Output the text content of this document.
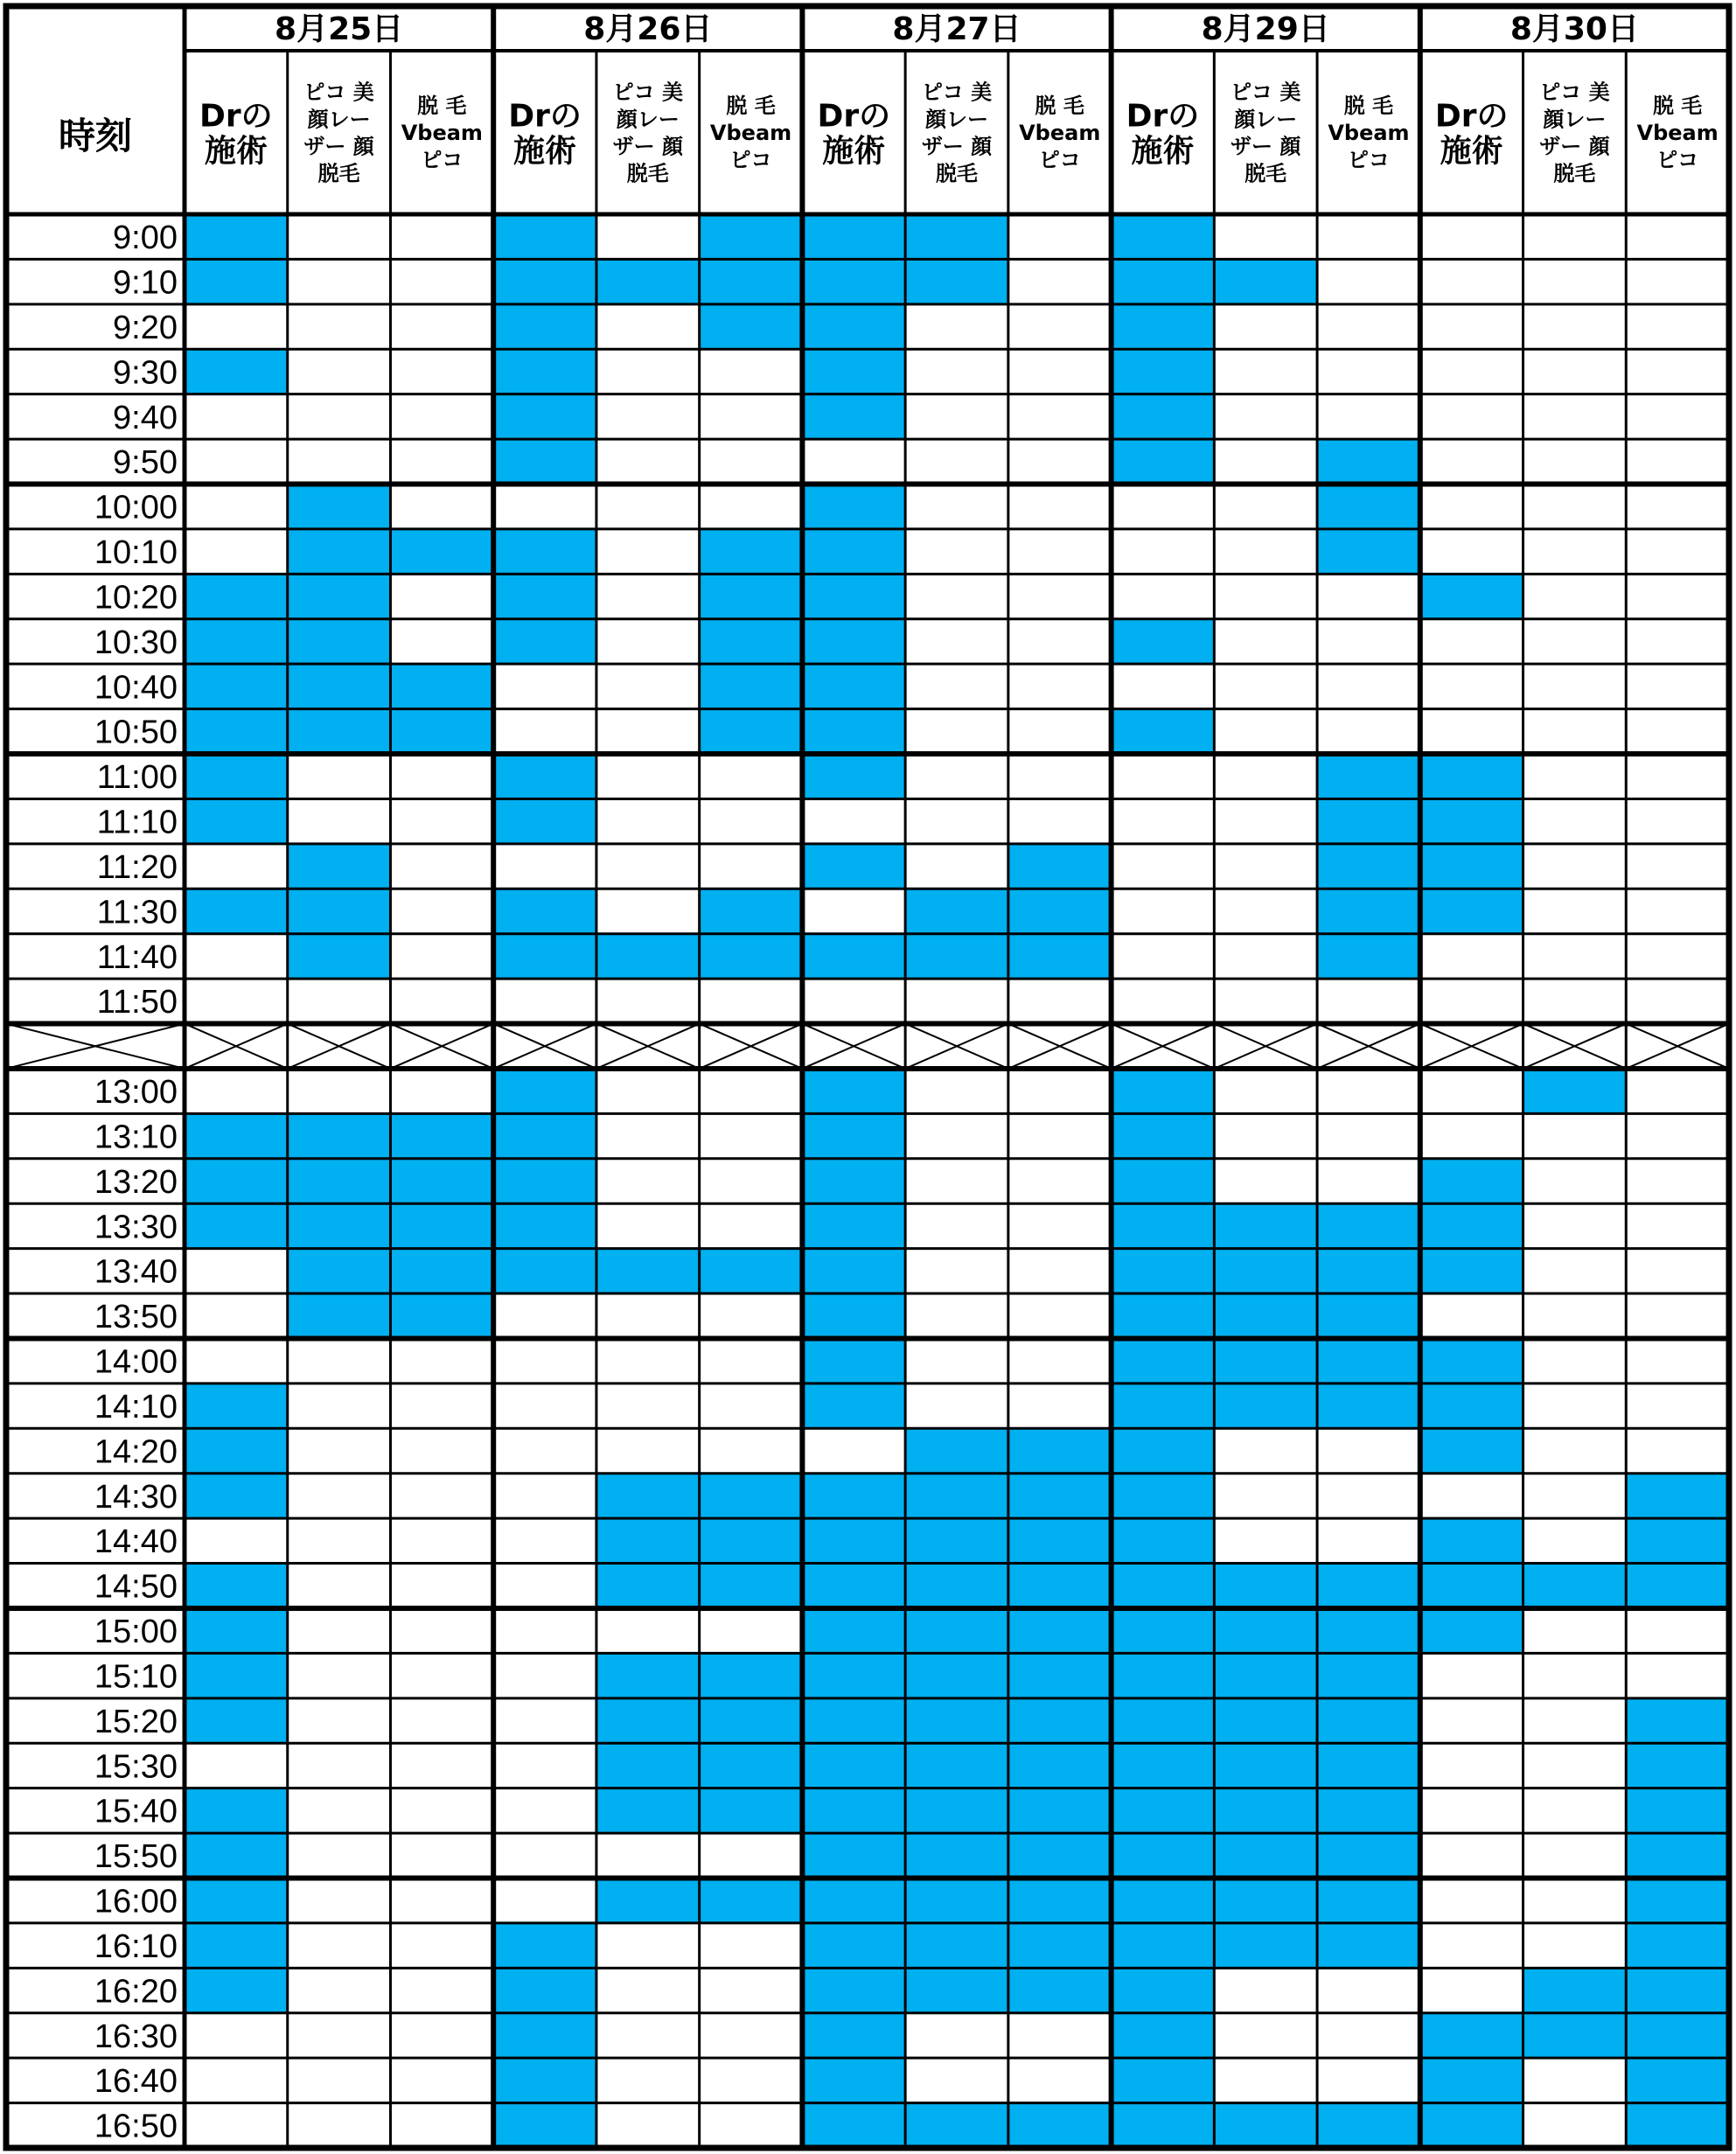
時刻
8月25日
Drの
施術
ピコ 美
顔レー
ザー 顔
脱毛
脱 毛
Vbeam
ピコ
8月26日
Drの
施術
ピコ 美
顔レー
ザー 顔
脱毛
脱 毛
Vbeam
ピコ
8月27日
Drの
施術
ピコ 美
顔レー
ザー 顔
脱毛
脱 毛
Vbeam
ピコ
8月29日
Drの
施術
ピコ 美
顔レー
ザー 顔
脱毛
脱 毛
Vbeam
ピコ
8月30日
Drの
施術
ピコ 美
顔レー
ザー 顔
脱毛
脱 毛
Vbeam
ピコ
9:00
9:10
9:20
9:30
9:40
9:50
10:00
10:10
10:20
10:30
10:40
10:50
11:00
11:10
11:20
11:30
11:40
11:50
13:00
13:10
13:20
13:30
13:40
13:50
14:00
14:10
14:20
14:30
14:40
14:50
15:00
15:10
15:20
15:30
15:40
15:50
16:00
16:10
16:20
16:30
16:40
16:50
